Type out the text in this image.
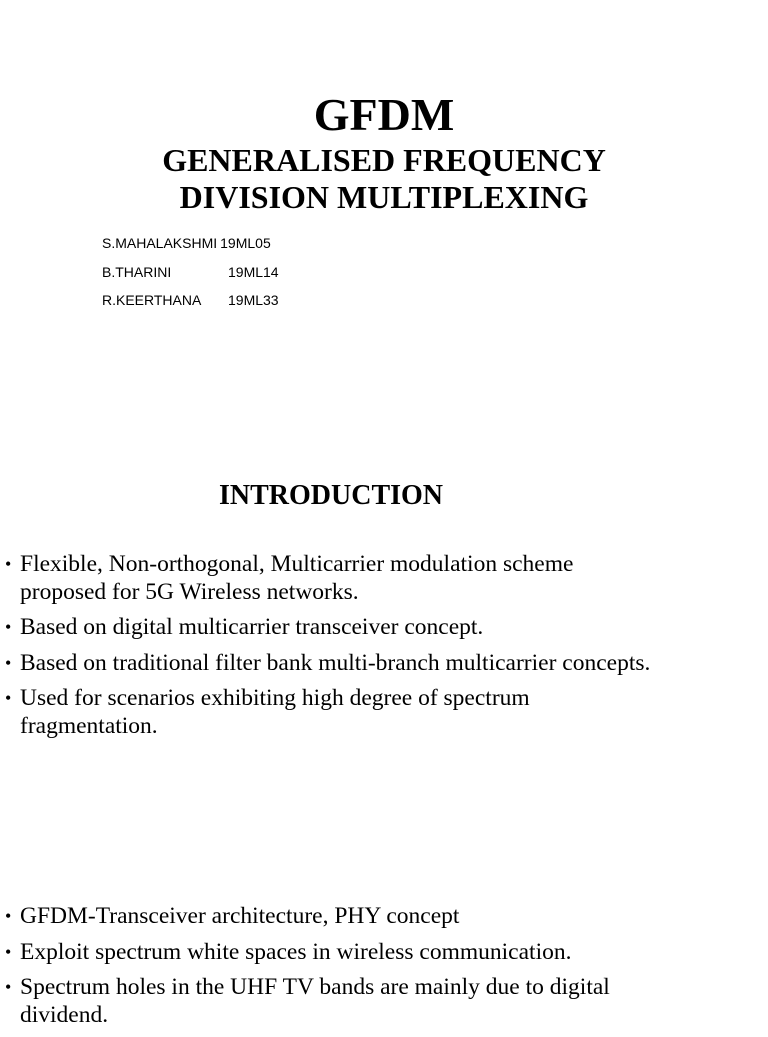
GFDM
GENERALISED FREQUENCY
DIVISION MULTIPLEXING
S.MAHALAKSHMI 19ML05
B.THARINI	19ML14
R.KEERTHANA 19ML33
INTRODUCTION
• Flexible, Non-orthogonal, Multicarrier modulation scheme proposed for 5G Wireless networks.
• Based on digital multicarrier transceiver concept.
• Based on traditional filter bank multi-branch multicarrier concepts.
• Used for scenarios exhibiting high degree of spectrum fragmentation.
• GFDM-Transceiver architecture, PHY concept
• Exploit spectrum white spaces in wireless communication.
• Spectrum holes in the UHF TV bands are mainly due to digital dividend.
